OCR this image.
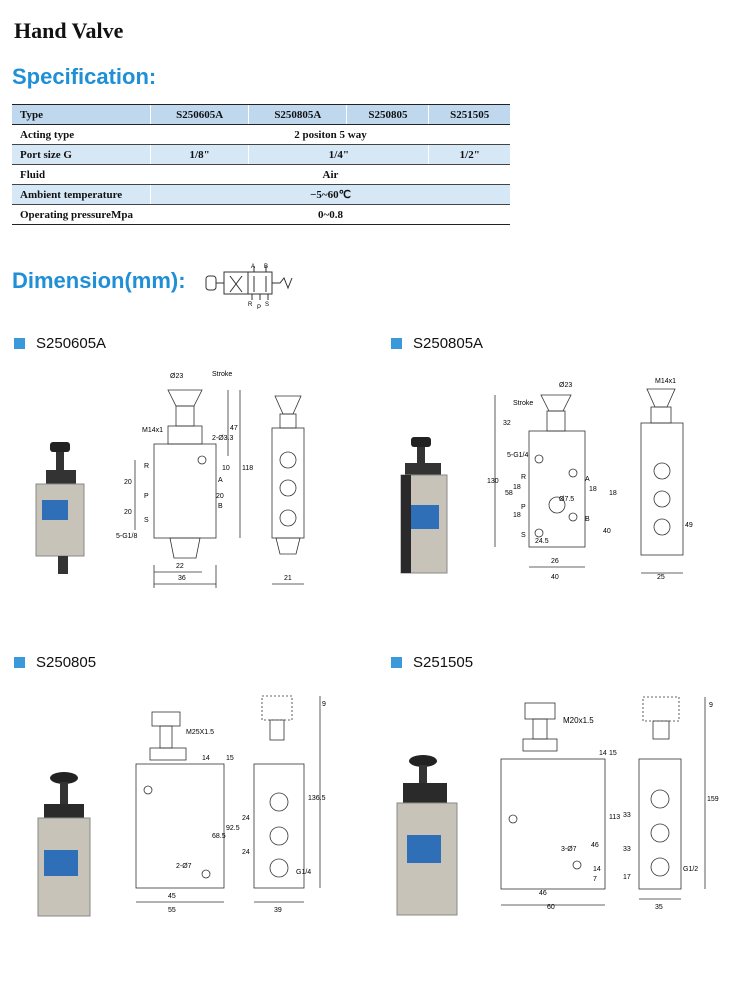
Hand Valve
Specification:
Type	S250605A	S250805A	S250805	S251505
Acting type	2 positon 5 way			
Port size G	1/8"	1/4"		1/2"
Fluid	Air			
Ambient temperature	−5~60℃			
Operating pressureMpa	0~0.8			
Dimension(mm):
A B
R P S
S250605A	S250805A
S250805	S251505
Ø23	Stroke
M14x1
2-Ø3.3
47
10 118
20
20
20
R
P
S
A
B
5-G1/8
22
36	21
Ø23
Stroke
32
M14x1
5-G1/4
130
58
18
18
18
18
Ø7.5
24.5
26
40
40
49
25
R
P
S
A
B
M25X1.5
14 15
68.5
92.5
136.5
2-Ø7
45
55
24
24
G1/4
39
9
M20x1.5
14 15
113
159
3-Ø7
46
46
60
7
14
33
33
17
G1/2
35
9
